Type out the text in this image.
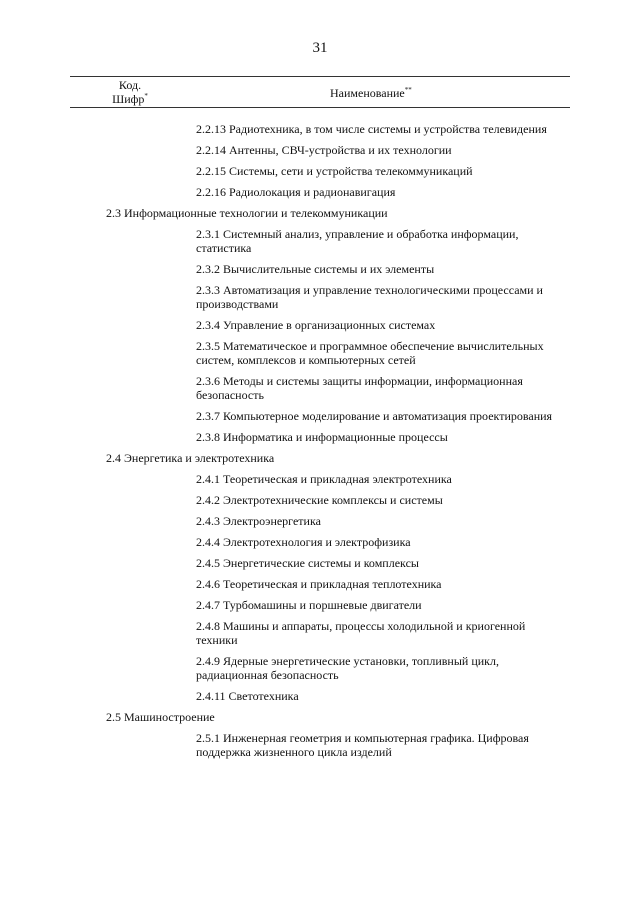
31
Код.
Шифр*	Наименование**
2.2.13 Радиотехника, в том числе системы и устройства телевидения
2.2.14 Антенны, СВЧ-устройства и их технологии
2.2.15 Системы, сети и устройства телекоммуникаций
2.2.16 Радиолокация и радионавигация
2.3 Информационные технологии и телекоммуникации
2.3.1 Системный анализ, управление и обработка информации, статистика
2.3.2 Вычислительные системы и их элементы
2.3.3 Автоматизация и управление технологическими процессами и производствами
2.3.4 Управление в организационных системах
2.3.5 Математическое и программное обеспечение вычислительных систем, комплексов и компьютерных сетей
2.3.6 Методы и системы защиты информации, информационная безопасность
2.3.7 Компьютерное моделирование и автоматизация проектирования
2.3.8 Информатика и информационные процессы
2.4 Энергетика и электротехника
2.4.1 Теоретическая и прикладная электротехника
2.4.2 Электротехнические комплексы и системы
2.4.3 Электроэнергетика
2.4.4 Электротехнология и электрофизика
2.4.5 Энергетические системы и комплексы
2.4.6 Теоретическая и прикладная теплотехника
2.4.7 Турбомашины и поршневые двигатели
2.4.8 Машины и аппараты, процессы холодильной и криогенной техники
2.4.9 Ядерные энергетические установки, топливный цикл, радиационная безопасность
2.4.11 Светотехника
2.5 Машиностроение
2.5.1 Инженерная геометрия и компьютерная графика. Цифровая поддержка жизненного цикла изделий
